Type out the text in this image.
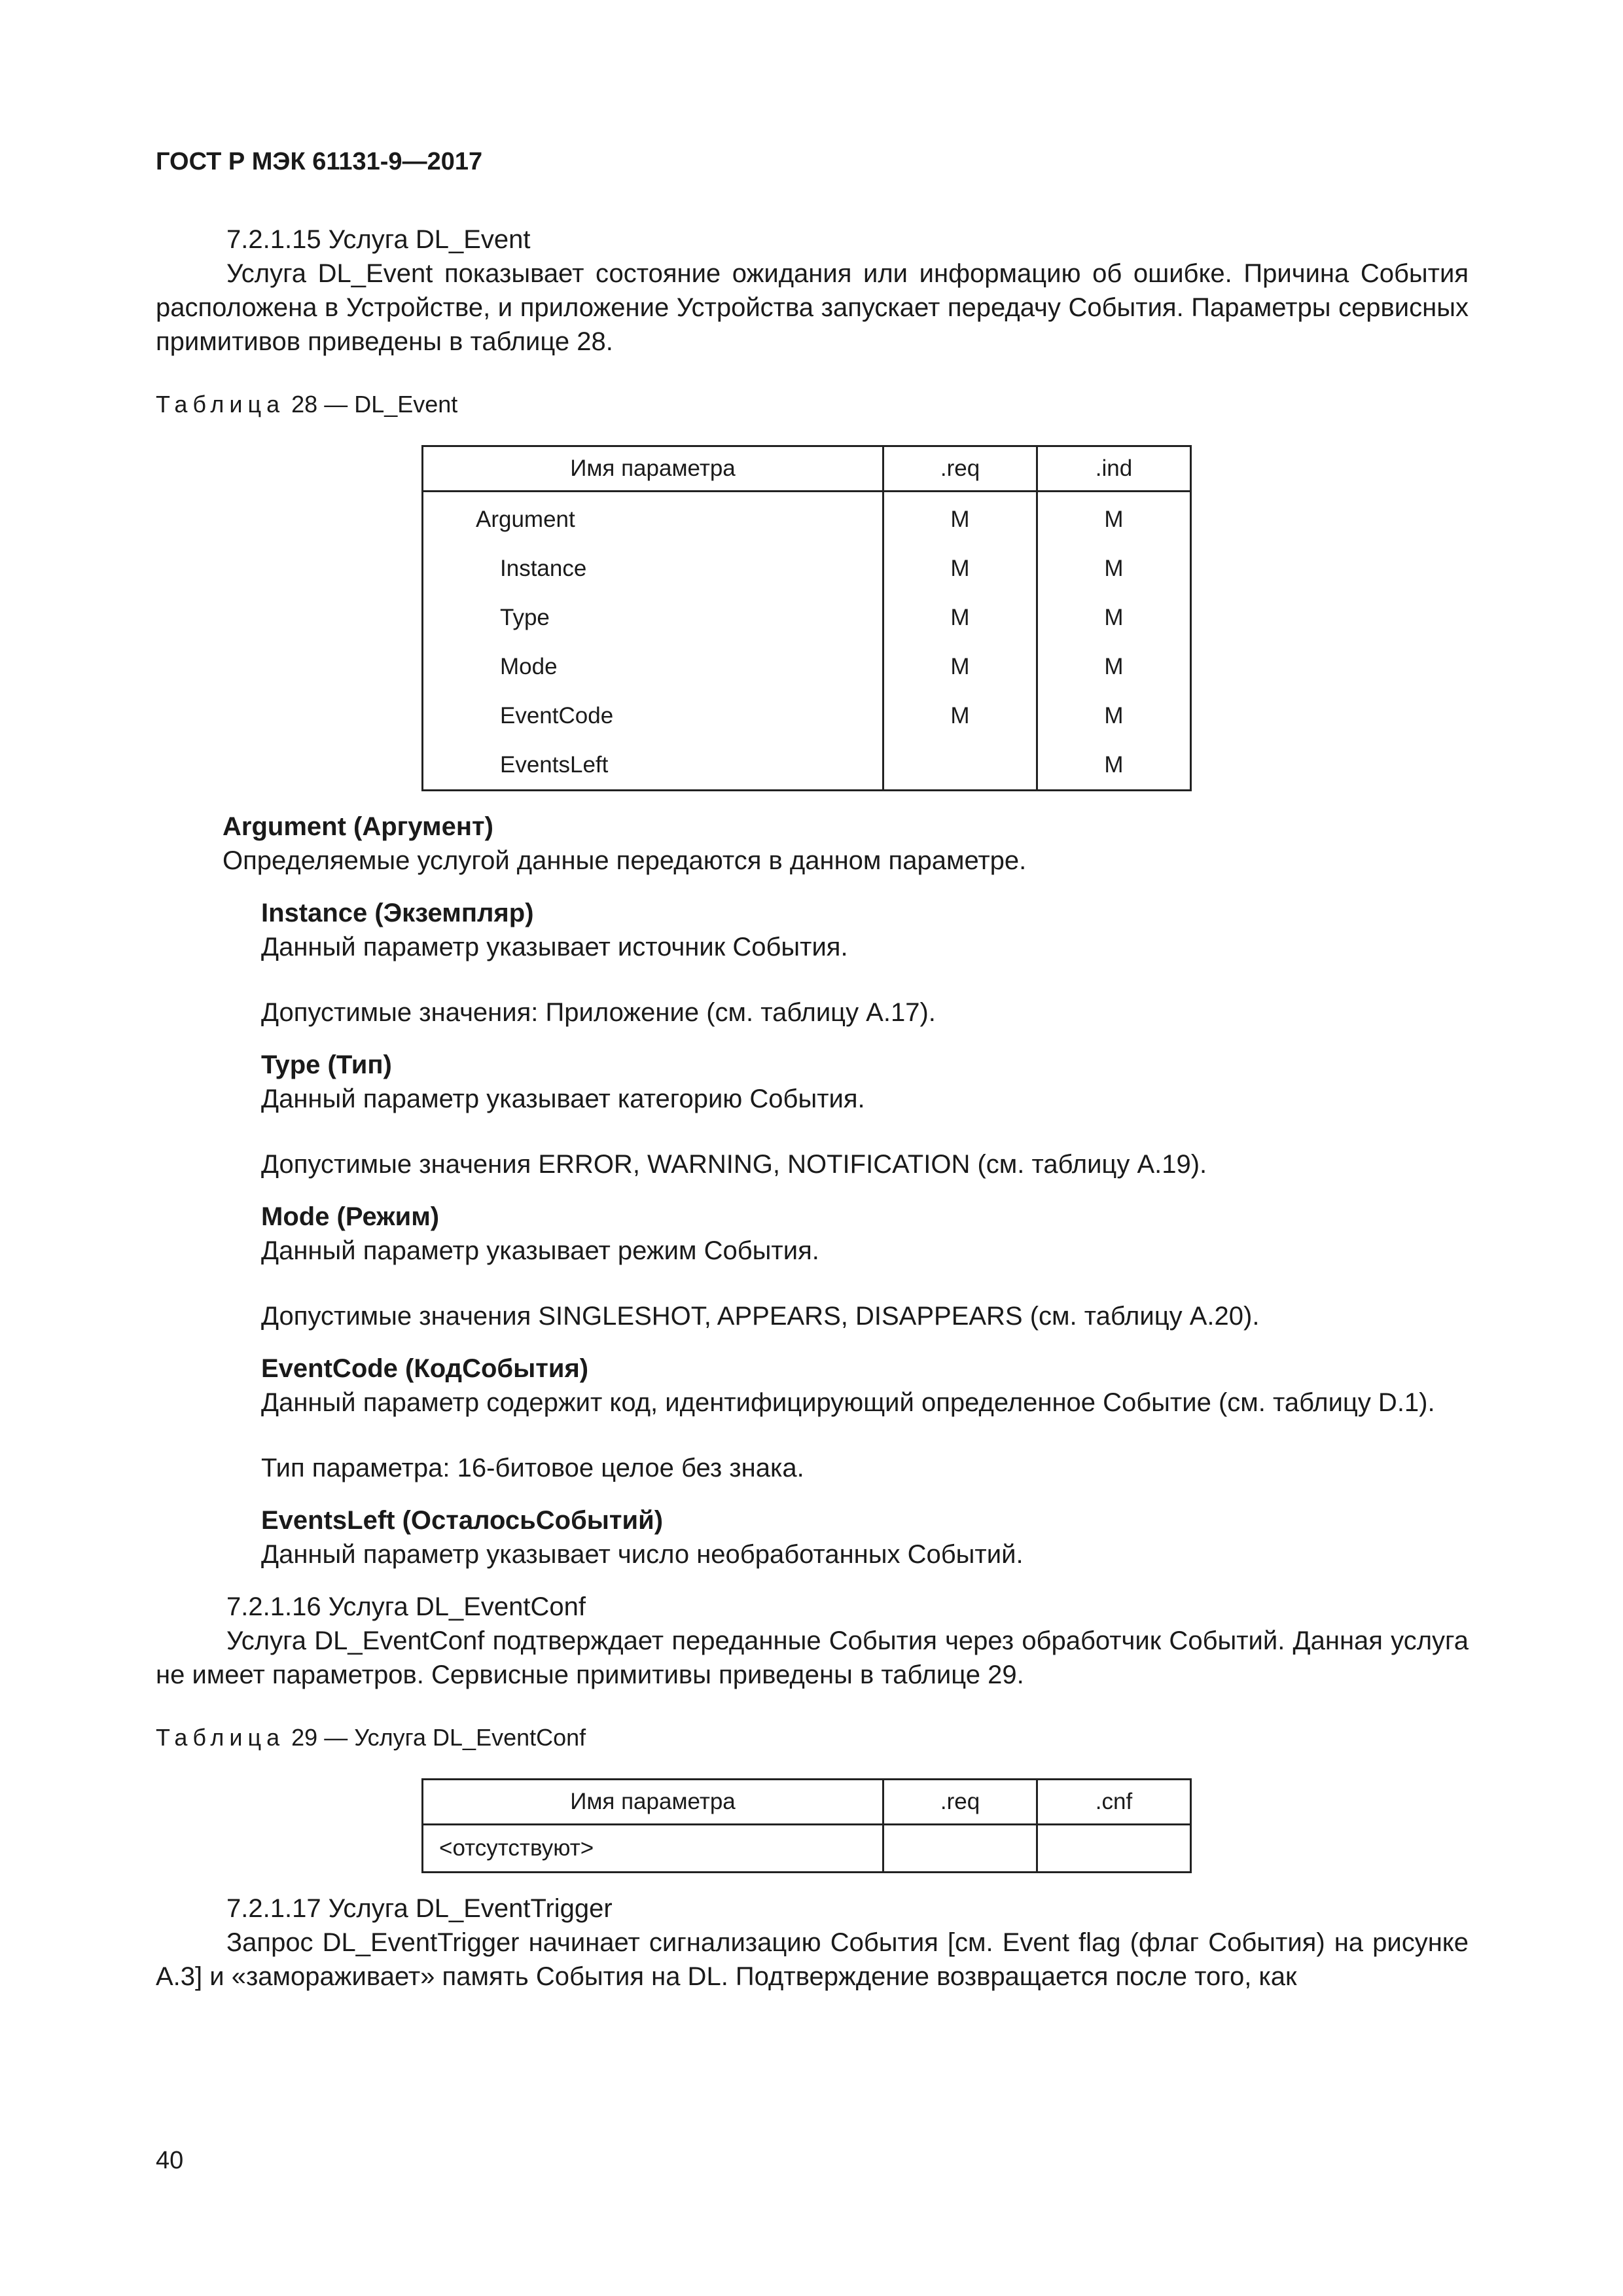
ГОСТ Р МЭК 61131-9—2017

7.2.1.15 Услуга DL_Event

Услуга DL_Event показывает состояние ожидания или информацию об ошибке. Причина События расположена в Устройстве, и приложение Устройства запускает передачу События. Параметры сервисных примитивов приведены в таблице 28.

Таблица 28 — DL_Event

Имя параметра	.req	.ind
Argument	M	M
Instance	M	M
Type	M	M
Mode	M	M
EventCode	M	M
EventsLeft		M

Argument (Аргумент)

Определяемые услугой данные передаются в данном параметре.

Instance (Экземпляр)

Данный параметр указывает источник События.

Допустимые значения: Приложение (см. таблицу А.17).

Type (Тип)

Данный параметр указывает категорию События.

Допустимые значения ERROR, WARNING, NOTIFICATION (см. таблицу А.19).

Mode (Режим)

Данный параметр указывает режим События.

Допустимые значения SINGLESHOT, APPEARS, DISAPPEARS (см. таблицу А.20).

EventCode (КодСобытия)

Данный параметр содержит код, идентифицирующий определенное Событие (см. таблицу D.1).

Тип параметра: 16-битовое целое без знака.

EventsLeft (ОсталосьСобытий)

Данный параметр указывает число необработанных Событий.

7.2.1.16 Услуга DL_EventConf

Услуга DL_EventConf подтверждает переданные События через обработчик Событий. Данная услуга не имеет параметров. Сервисные примитивы приведены в таблице 29.

Таблица 29 — Услуга DL_EventConf

Имя параметра	.req	.cnf
<отсутствуют>		

7.2.1.17 Услуга DL_EventTrigger

Запрос DL_EventTrigger начинает сигнализацию События [см. Event flag (флаг События) на рисунке А.3] и «замораживает» память События на DL. Подтверждение возвращается после того, как

40
